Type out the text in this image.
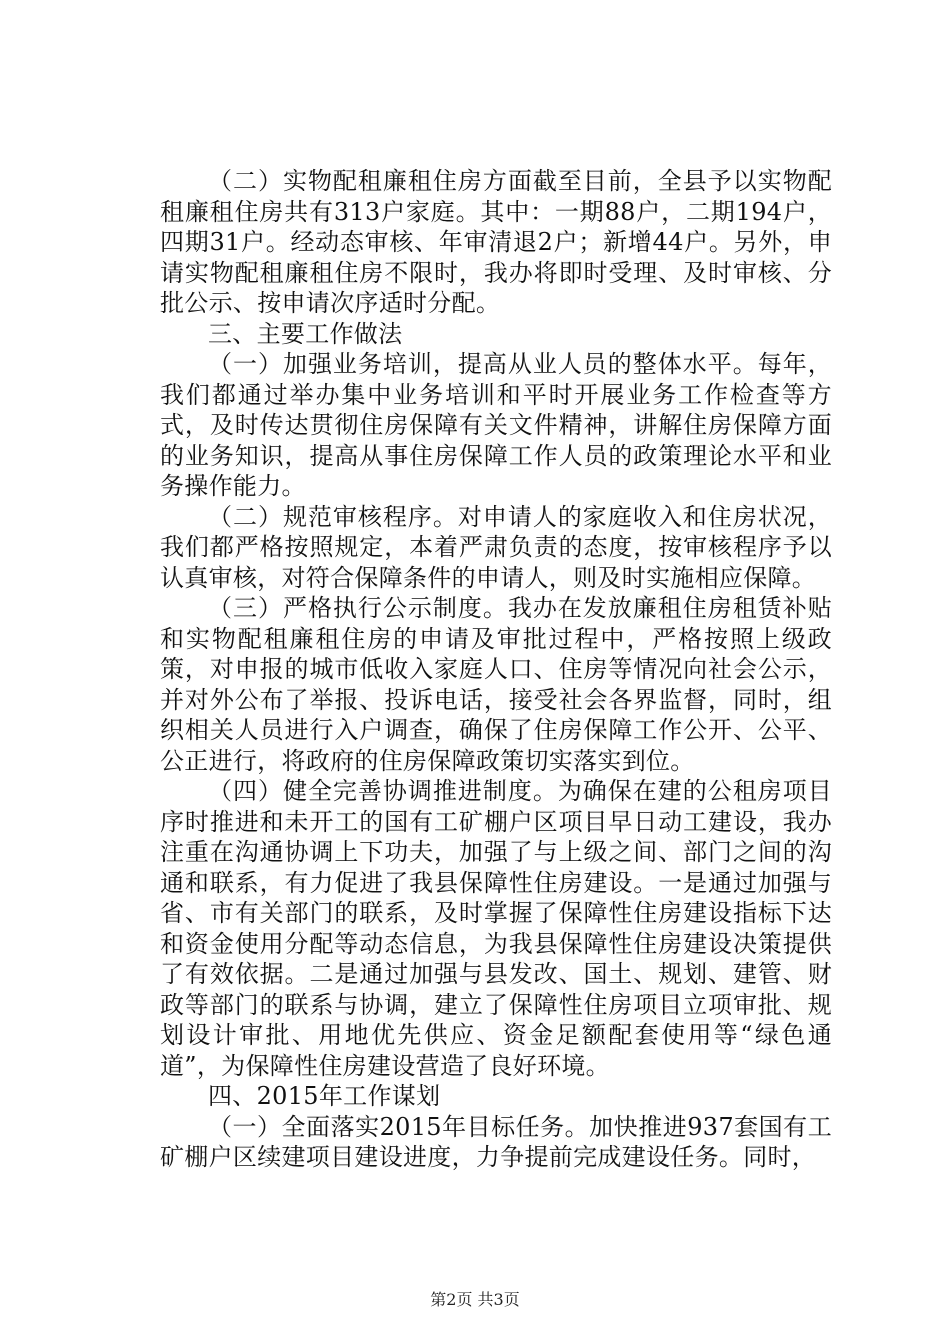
（二）实物配租廉租住房方面截至目前，全县予以实物配租廉租住房共有313户家庭。其中：一期88户，二期194户，四期31户。经动态审核、年审清退2户；新增44户。另外，申请实物配租廉租住房不限时，我办将即时受理、及时审核、分批公示、按申请次序适时分配。

三、主要工作做法

（一）加强业务培训，提高从业人员的整体水平。每年，我们都通过举办集中业务培训和平时开展业务工作检查等方式，及时传达贯彻住房保障有关文件精神，讲解住房保障方面的业务知识，提高从事住房保障工作人员的政策理论水平和业务操作能力。

（二）规范审核程序。对申请人的家庭收入和住房状况，我们都严格按照规定，本着严肃负责的态度，按审核程序予以认真审核，对符合保障条件的申请人，则及时实施相应保障。

（三）严格执行公示制度。我办在发放廉租住房租赁补贴和实物配租廉租住房的申请及审批过程中，严格按照上级政策，对申报的城市低收入家庭人口、住房等情况向社会公示，并对外公布了举报、投诉电话，接受社会各界监督，同时，组织相关人员进行入户调查，确保了住房保障工作公开、公平、公正进行，将政府的住房保障政策切实落实到位。

（四）健全完善协调推进制度。为确保在建的公租房项目序时推进和未开工的国有工矿棚户区项目早日动工建设，我办注重在沟通协调上下功夫，加强了与上级之间、部门之间的沟通和联系，有力促进了我县保障性住房建设。一是通过加强与省、市有关部门的联系，及时掌握了保障性住房建设指标下达和资金使用分配等动态信息，为我县保障性住房建设决策提供了有效依据。二是通过加强与县发改、国土、规划、建管、财政等部门的联系与协调，建立了保障性住房项目立项审批、规划设计审批、用地优先供应、资金足额配套使用等“绿色通道”，为保障性住房建设营造了良好环境。

四、2015年工作谋划

（一）全面落实2015年目标任务。加快推进937套国有工矿棚户区续建项目建设进度，力争提前完成建设任务。同时，

第2页 共3页
